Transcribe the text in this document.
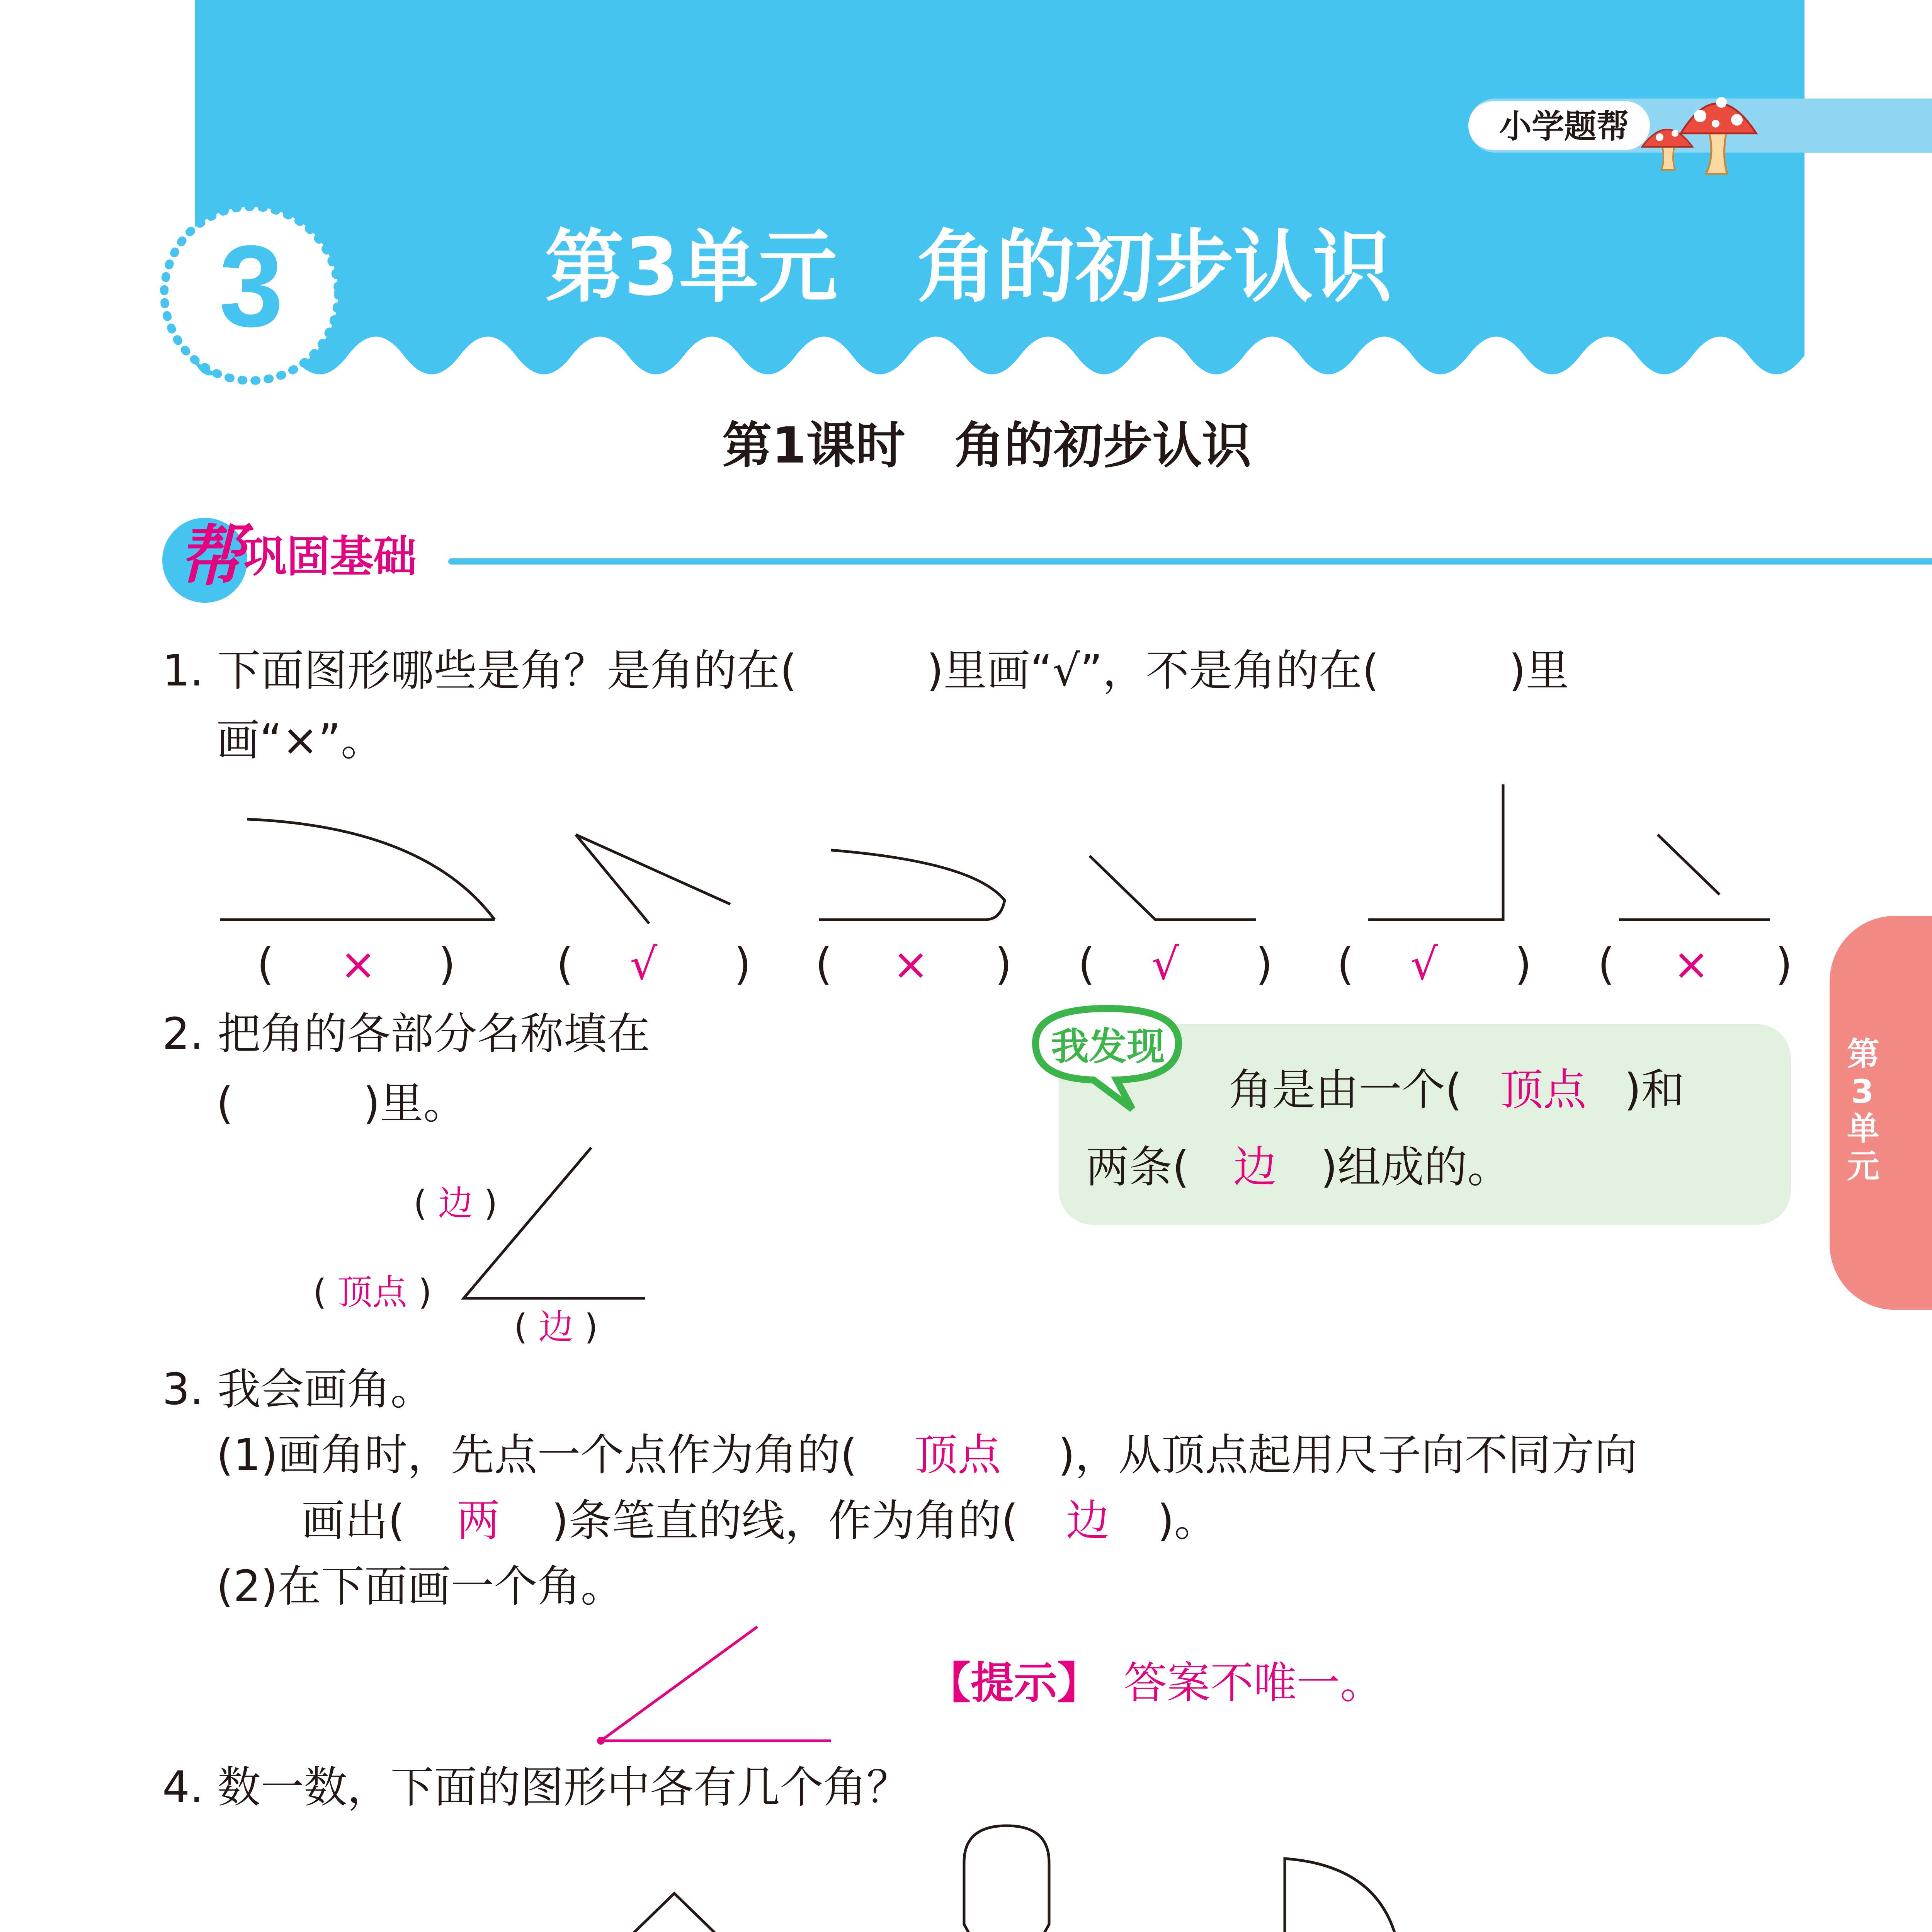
3	第3单元　角的初步认识
小学题帮
第3单元
第1课时　角的初步认识
帮 巩固基础
1. 下面图形哪些是角？是角的在(　　　)里画“√”，不是角的在(　　　)里
画“×”。
( × ) ( √ ) ( × ) ( √ ) ( √ ) ( × )
2. 把角的各部分名称填在
(　　　)里。
( 边 )
( 顶点 )
( 边 )
我发现
角是由一个( 顶点 )和
两条( 边 )组成的。
3. 我会画角。
(1)画角时，先点一个点作为角的( 顶点 )，从顶点起用尺子向不同方向
画出( 两 )条笔直的线，作为角的( 边 )。
(2)在下面画一个角。
【提示】 答案不唯一。
4. 数一数，下面的图形中各有几个角？
